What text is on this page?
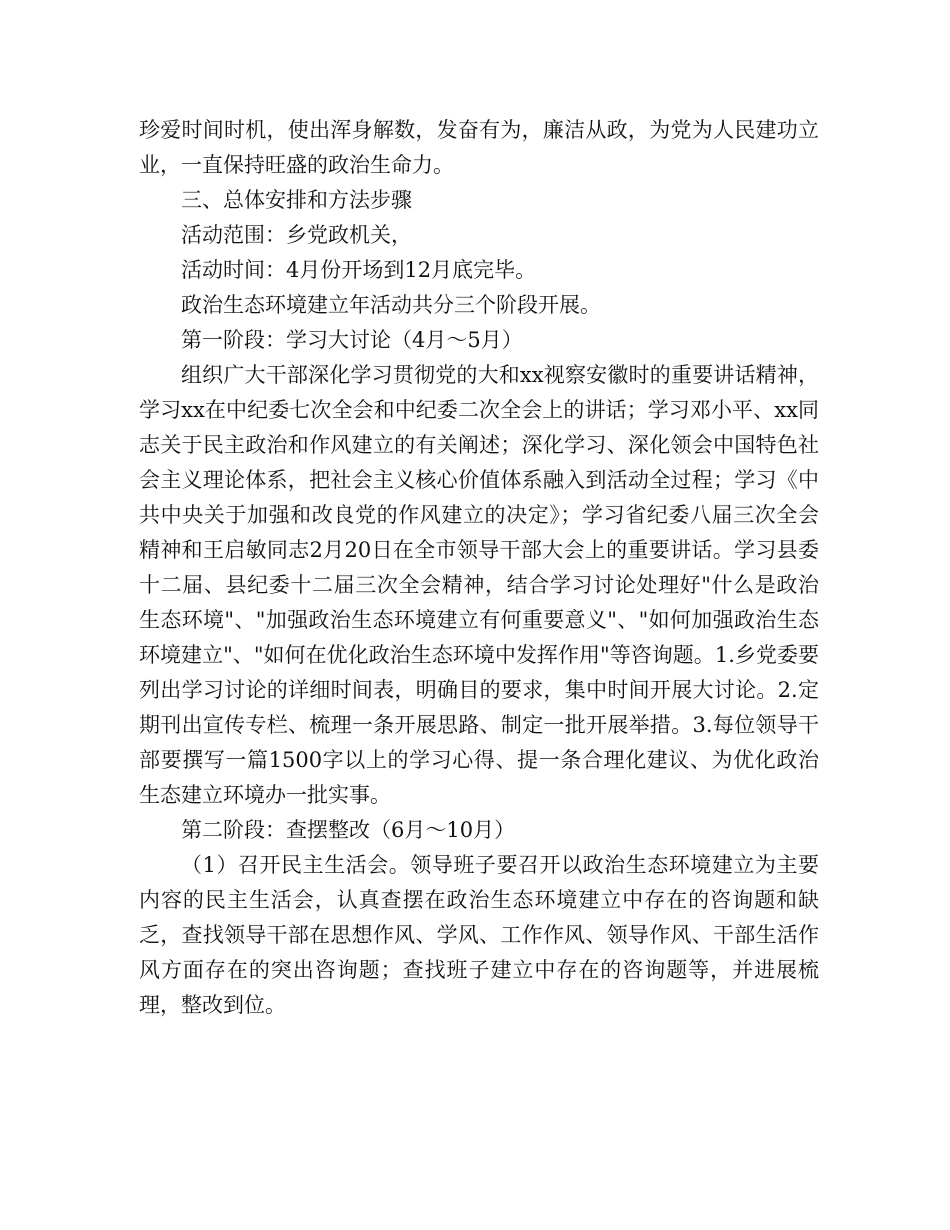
珍爱时间时机，使出浑身解数，发奋有为，廉洁从政，为党为人民建功立业，一直保持旺盛的政治生命力。

三、总体安排和方法步骤

活动范围：乡党政机关，

活动时间：4月份开场到12月底完毕。

政治生态环境建立年活动共分三个阶段开展。

第一阶段：学习大讨论（4月～5月）

组织广大干部深化学习贯彻党的大和xx视察安徽时的重要讲话精神，学习xx在中纪委七次全会和中纪委二次全会上的讲话；学习邓小平、xx同志关于民主政治和作风建立的有关阐述；深化学习、深化领会中国特色社会主义理论体系，把社会主义核心价值体系融入到活动全过程；学习《中共中央关于加强和改良党的作风建立的决定》；学习省纪委八届三次全会精神和王启敏同志2月20日在全市领导干部大会上的重要讲话。学习县委十二届、县纪委十二届三次全会精神，结合学习讨论处理好"什么是政治生态环境"、"加强政治生态环境建立有何重要意义"、"如何加强政治生态环境建立"、"如何在优化政治生态环境中发挥作用"等咨询题。1.乡党委要列出学习讨论的详细时间表，明确目的要求，集中时间开展大讨论。2.定期刊出宣传专栏、梳理一条开展思路、制定一批开展举措。3.每位领导干部要撰写一篇1500字以上的学习心得、提一条合理化建议、为优化政治生态建立环境办一批实事。

第二阶段：查摆整改（6月～10月）

（1）召开民主生活会。领导班子要召开以政治生态环境建立为主要内容的民主生活会，认真查摆在政治生态环境建立中存在的咨询题和缺乏，查找领导干部在思想作风、学风、工作作风、领导作风、干部生活作风方面存在的突出咨询题；查找班子建立中存在的咨询题等，并进展梳理，整改到位。
